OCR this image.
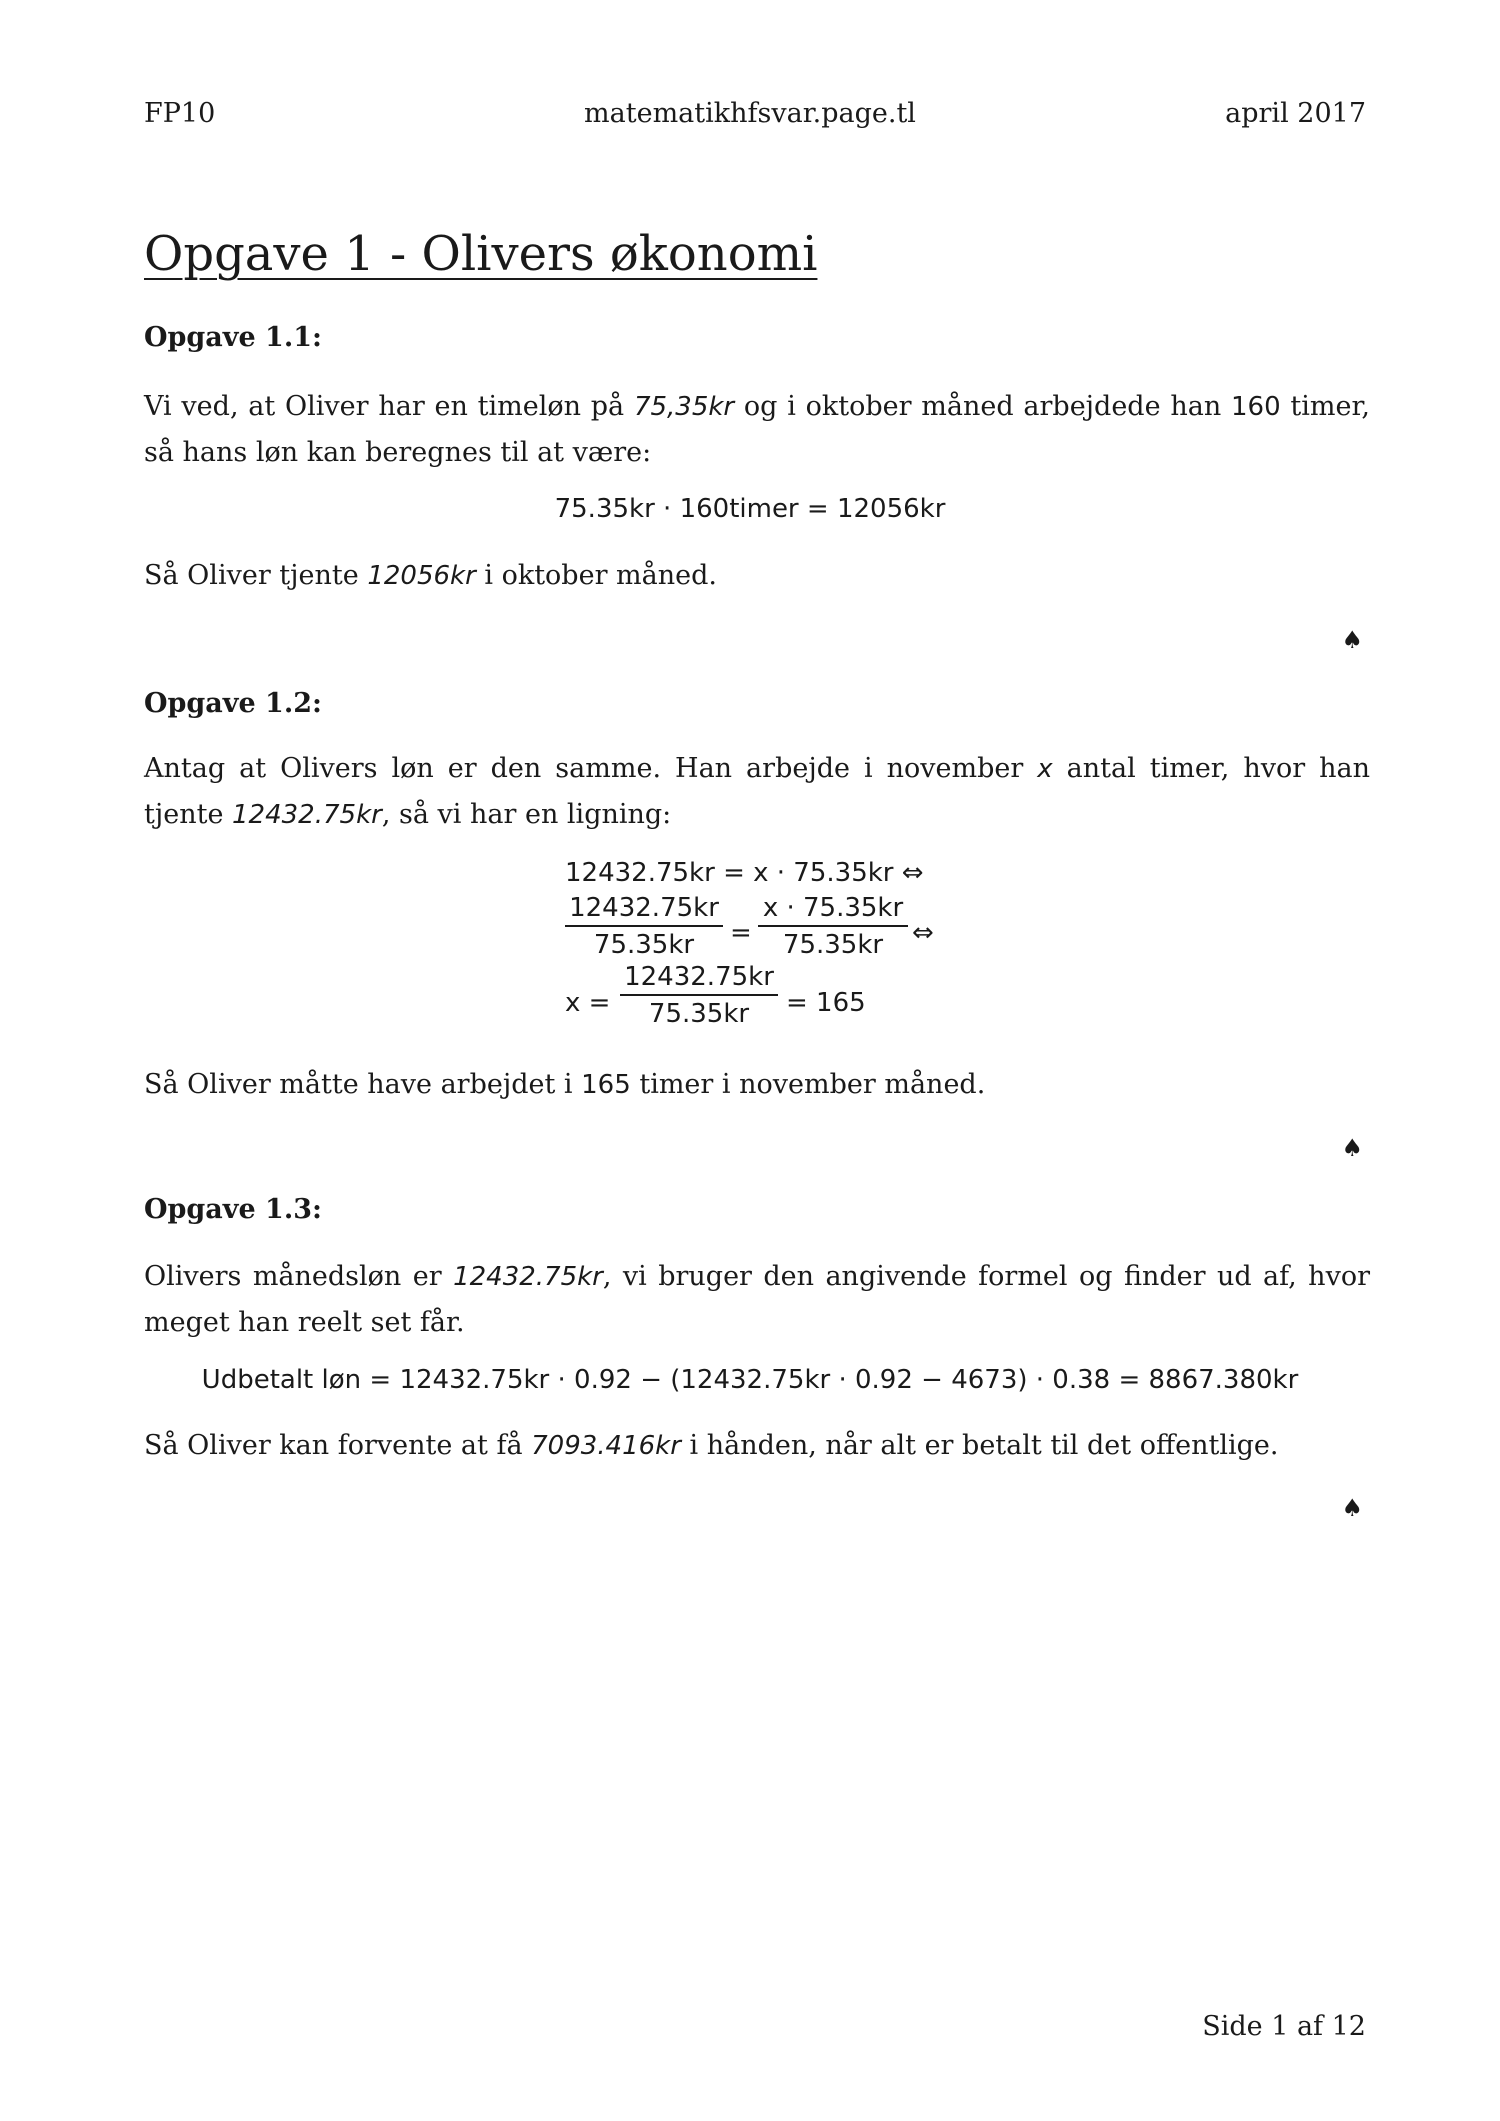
FP10	matematikhfsvar.page.tl	april 2017
Opgave 1 - Olivers økonomi
Opgave 1.1:

Vi ved, at Oliver har en timeløn på 75,35kr og i oktober måned arbejdede han 160 timer, så hans løn kan beregnes til at være:

75.35kr · 160timer = 12056kr

Så Oliver tjente 12056kr i oktober måned.

♠
Opgave 1.2:

Antag at Olivers løn er den samme. Han arbejde i november x antal timer, hvor han tjente 12432.75kr, så vi har en ligning:

12432.75kr = x · 75.35kr ⇔
$\frac{12432.75kr}{75.35kr} = \frac{x \cdot 75.35kr}{75.35kr}$ ⇔
$x = \frac{12432.75kr}{75.35kr} = 165$

Så Oliver måtte have arbejdet i 165 timer i november måned.

♠
Opgave 1.3:

Olivers månedsløn er 12432.75kr, vi bruger den angivende formel og finder ud af, hvor meget han reelt set får.

Udbetalt løn = 12432.75kr · 0.92 − (12432.75kr · 0.92 − 4673) · 0.38 = 8867.380kr

Så Oliver kan forvente at få 7093.416kr i hånden, når alt er betalt til det offentlige.

♠
Side 1 af 12
